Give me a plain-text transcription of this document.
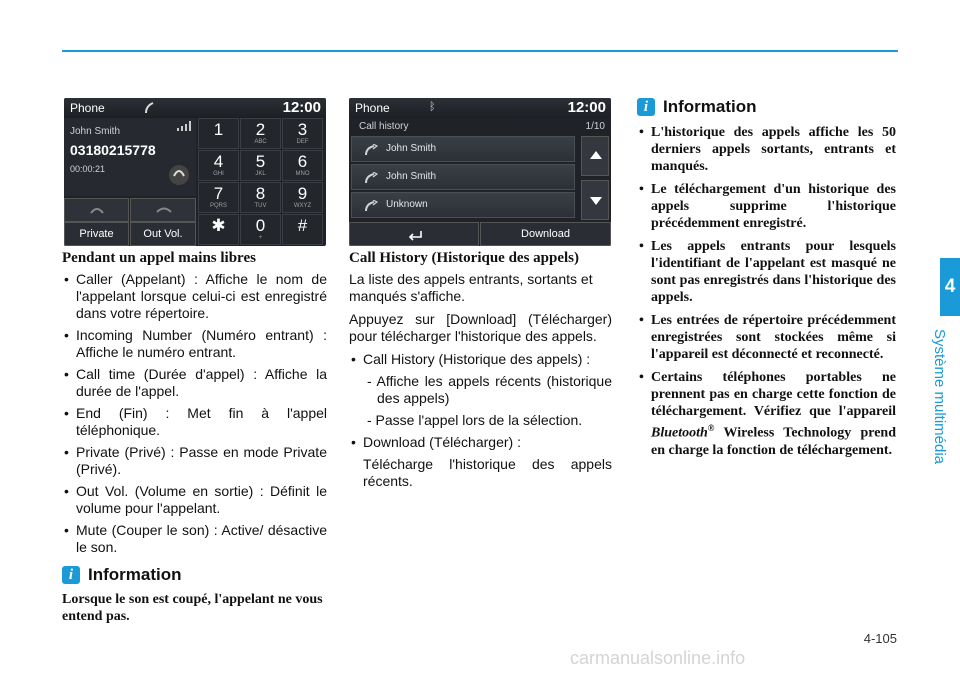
4
Système multimédia
Phone	12:00
John Smith
03180215778
00:00:21
1	2
ABC
3
DEF
4
GHI
5
JKL
6
MNO
7
PQRS
8
TUV
9
WXYZ
✱	0
+
#
Private	Out Vol.
Phone	ᛒ	12:00
Call history	1/10
John Smith
John Smith
Unknown
Download
Pendant un appel mains libres
• Caller (Appelant) : Affiche le nom de l'appelant lorsque celui-ci est enregistré dans votre répertoire.
• Incoming Number (Numéro entrant) : Affiche le numéro entrant.
• Call time (Durée d'appel) : Affiche la durée de l'appel.
• End (Fin) : Met fin à l'appel téléphonique.
• Private (Privé) : Passe en mode Private (Privé).
• Out Vol. (Volume en sortie) : Définit le volume pour l'appelant.
• Mute (Couper le son) : Active/ désactive le son.
i Information
Lorsque le son est coupé, l'appelant ne vous entend pas.
Call History (Historique des appels)
La liste des appels entrants, sortants et manqués s'affiche.
Appuyez sur [Download] (Télécharger) pour télécharger l'historique des appels.
• Call History (Historique des appels) :
- Affiche les appels récents (historique des appels)
- Passe l'appel lors de la sélection.
• Download (Télécharger) :
Télécharge l'historique des appels récents.
i Information
• L'historique des appels affiche les 50 derniers appels sortants, entrants et manqués.
• Le téléchargement d'un historique des appels supprime l'historique précédemment enregistré.
• Les appels entrants pour lesquels l'identifiant de l'appelant est masqué ne sont pas enregistrés dans l'historique des appels.
• Les entrées de répertoire précédemment enregistrées sont stockées même si l'appareil est déconnecté et reconnecté.
• Certains téléphones portables ne prennent pas en charge cette fonction de téléchargement. Vérifiez que l'appareil Bluetooth® Wireless Technology prend en charge la fonction de téléchargement.
4-105
carmanualsonline.info
